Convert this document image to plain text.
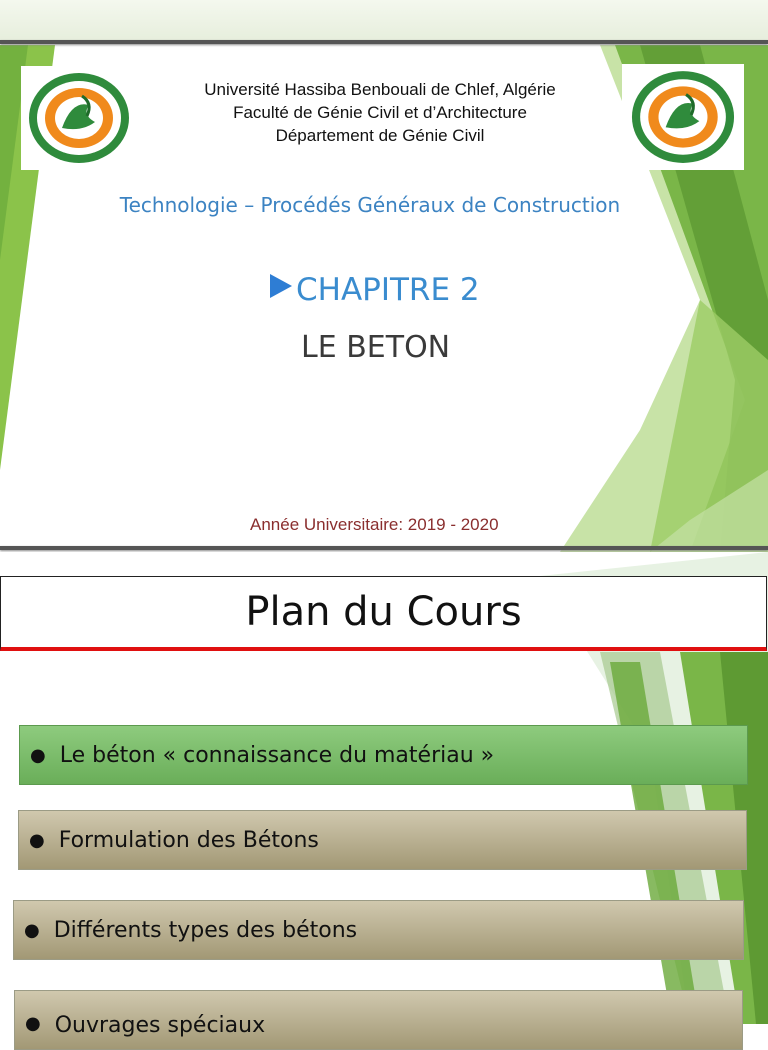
Université Hassiba Benbouali de Chlef, Algérie
Faculté de Génie Civil et d’Architecture
Département de Génie Civil
Technologie – Procédés Généraux de Construction
CHAPITRE 2
LE BETON
Année Universitaire: 2019 - 2020
Plan du Cours
● Le béton « connaissance du matériau »
● Formulation des Bétons
● Différents types des bétons
● Ouvrages spéciaux
